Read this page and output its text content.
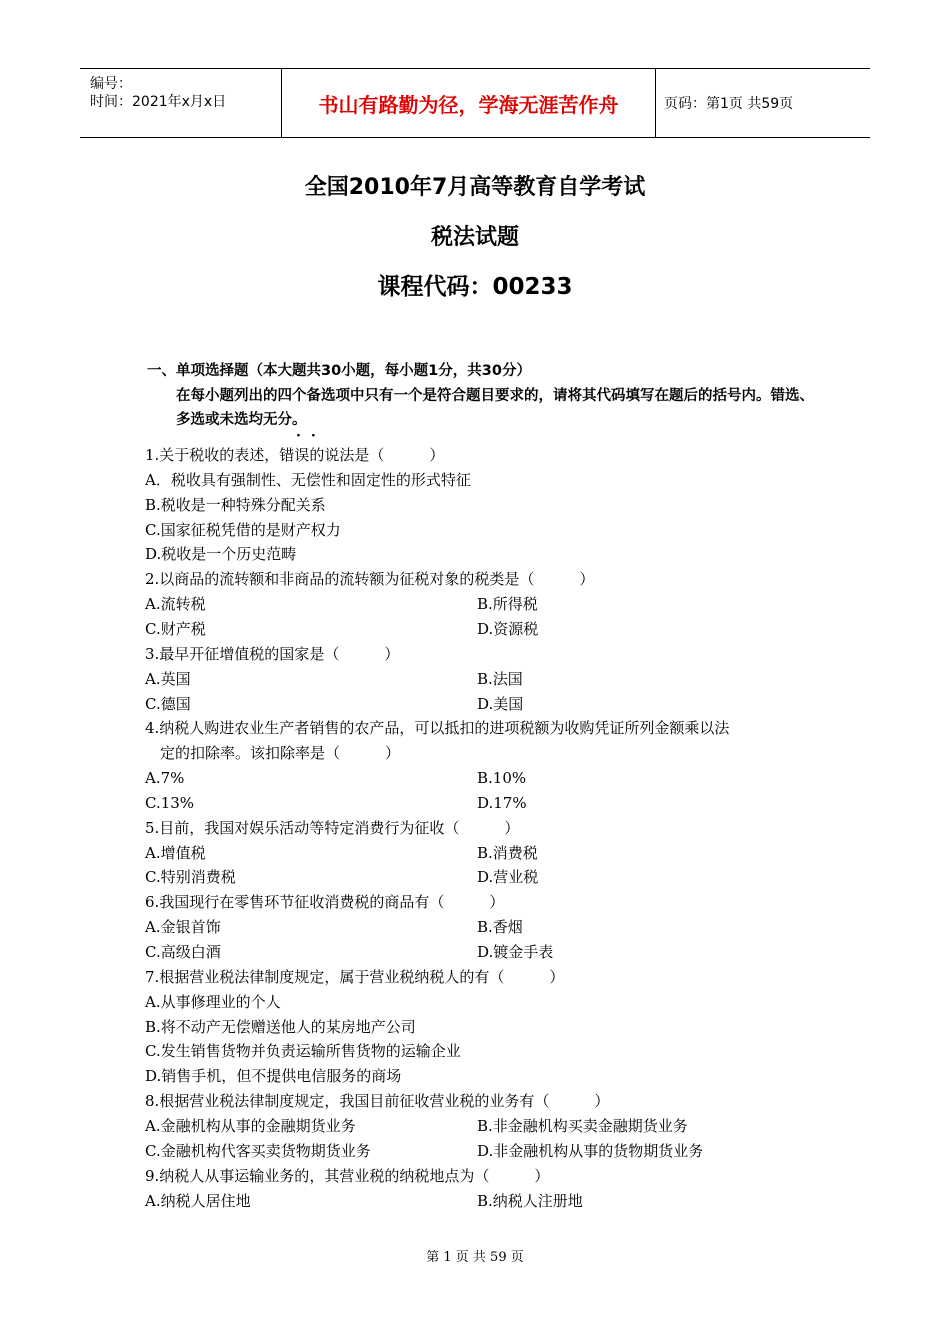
编号：
时间：2021年x月x日	书山有路勤为径，学海无涯苦作舟	页码：第1页 共59页
全国2010年7月高等教育自学考试
税法试题
课程代码：00233
一、单项选择题（本大题共30小题，每小题1分，共30分）
在每小题列出的四个备选项中只有一个是符合题目要求的，请将其代码填写在题后的括号内。错选、多选或未选均无分。
··
1.关于税收的表述，错误的说法是（　　　）
A．税收具有强制性、无偿性和固定性的形式特征
B.税收是一种特殊分配关系
C.国家征税凭借的是财产权力
D.税收是一个历史范畴
2.以商品的流转额和非商品的流转额为征税对象的税类是（　　　）
A.流转税	B.所得税
C.财产税	D.资源税
3.最早开征增值税的国家是（　　　）
A.英国	B.法国
C.德国	D.美国
4.纳税人购进农业生产者销售的农产品，可以抵扣的进项税额为收购凭证所列金额乘以法
　定的扣除率。该扣除率是（　　　）
A.7%	B.10%
C.13%	D.17%
5.目前，我国对娱乐活动等特定消费行为征收（　　　）
A.增值税	B.消费税
C.特别消费税	D.营业税
6.我国现行在零售环节征收消费税的商品有（　　　）
A.金银首饰	B.香烟
C.高级白酒	D.镀金手表
7.根据营业税法律制度规定，属于营业税纳税人的有（　　　）
A.从事修理业的个人
B.将不动产无偿赠送他人的某房地产公司
C.发生销售货物并负责运输所售货物的运输企业
D.销售手机，但不提供电信服务的商场
8.根据营业税法律制度规定，我国目前征收营业税的业务有（　　　）
A.金融机构从事的金融期货业务	B.非金融机构买卖金融期货业务
C.金融机构代客买卖货物期货业务	D.非金融机构从事的货物期货业务
9.纳税人从事运输业务的，其营业税的纳税地点为（　　　）
A.纳税人居住地	B.纳税人注册地
第 1 页 共 59 页
